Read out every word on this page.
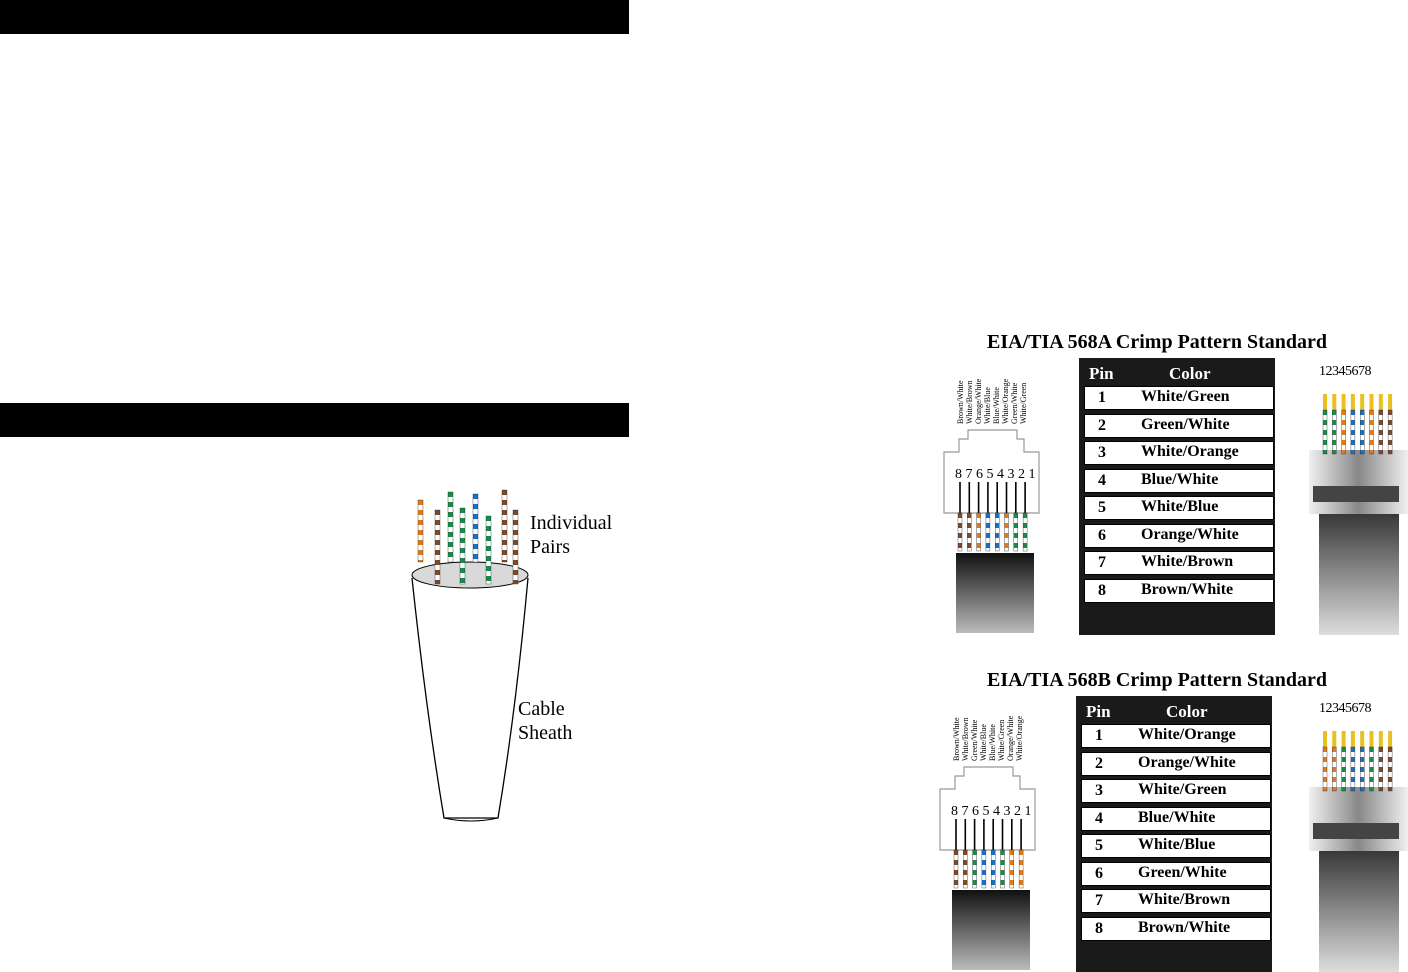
Individual
Pairs
Cable
Sheath
EIA/TIA 568A Crimp Pattern Standard
Brown/White White/Brown Orange/White White/Blue Blue/White White/Orange Green/White White/Green
8 7 6 5 4 3 2 1
Pin	Color
1 White/Green
2 Green/White
3 White/Orange
4 Blue/White
5 White/Blue
6 Orange/White
7 White/Brown
8 Brown/White
1 2 3 4 5 6 7 8
EIA/TIA 568B Crimp Pattern Standard
Brown/White White/Brown Green/White White/Blue Blue/White White/Green Orange/White White/Orange
8 7 6 5 4 3 2 1
Pin	Color
1 White/Orange
2 Orange/White
3 White/Green
4 Blue/White
5 White/Blue
6 Green/White
7 White/Brown
8 Brown/White
1 2 3 4 5 6 7 8
